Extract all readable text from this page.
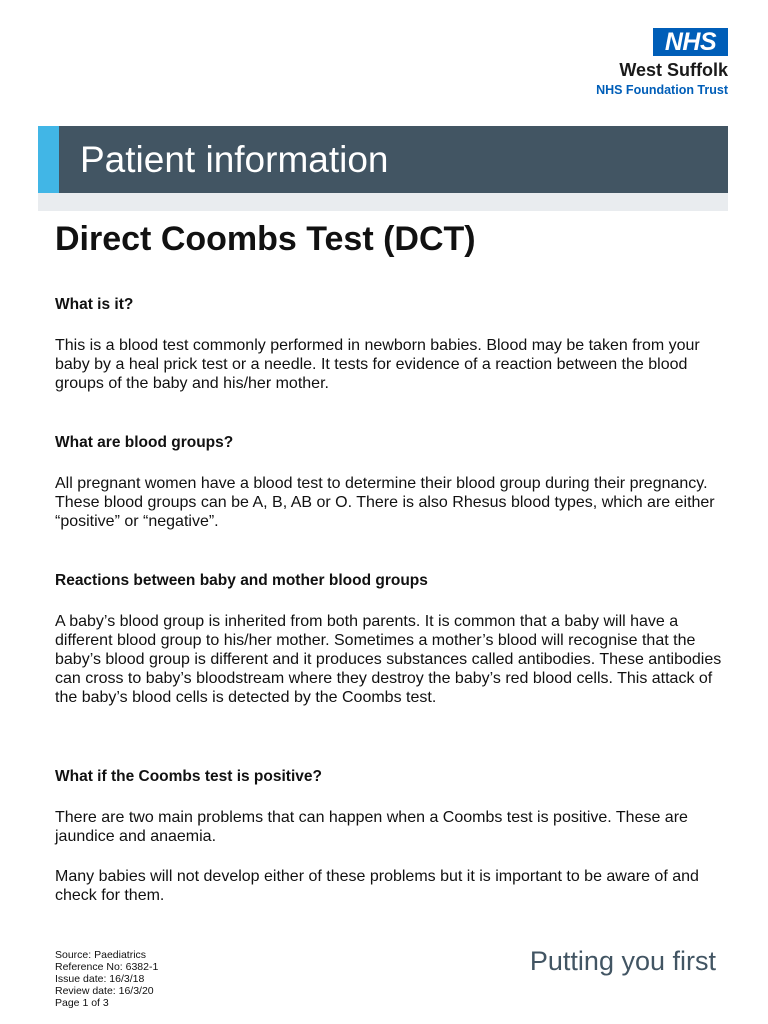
NHS
West Suffolk
NHS Foundation Trust
Patient information
Direct Coombs Test (DCT)
What is it?

This is a blood test commonly performed in newborn babies. Blood may be taken from your baby by a heal prick test or a needle. It tests for evidence of a reaction between the blood groups of the baby and his/her mother.

What are blood groups?

All pregnant women have a blood test to determine their blood group during their pregnancy. These blood groups can be A, B, AB or O. There is also Rhesus blood types, which are either “positive” or “negative”.

Reactions between baby and mother blood groups

A baby’s blood group is inherited from both parents. It is common that a baby will have a different blood group to his/her mother. Sometimes a mother’s blood will recognise that the baby’s blood group is different and it produces substances called antibodies. These antibodies can cross to baby’s bloodstream where they destroy the baby’s red blood cells. This attack of the baby’s blood cells is detected by the Coombs test.

What if the Coombs test is positive?

There are two main problems that can happen when a Coombs test is positive. These are jaundice and anaemia.

Many babies will not develop either of these problems but it is important to be aware of and check for them.

Source: Paediatrics
Reference No: 6382-1
Issue date: 16/3/18
Review date: 16/3/20
Page 1 of 3
Putting you first
